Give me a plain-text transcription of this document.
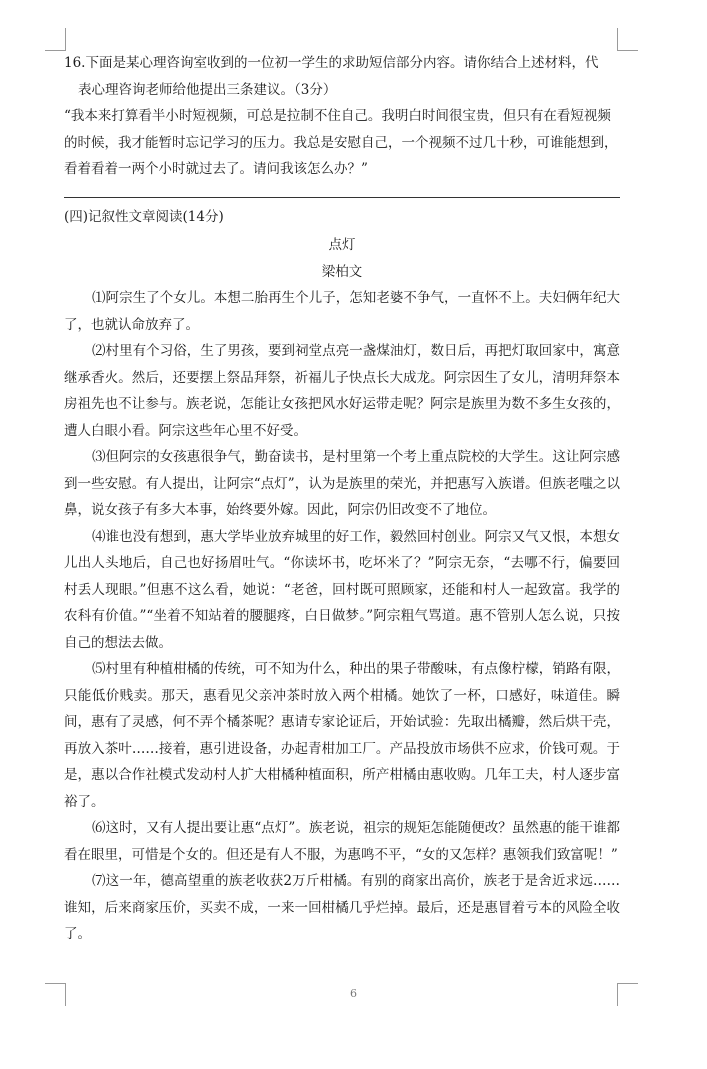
16.下面是某心理咨询室收到的一位初一学生的求助短信部分内容。请你结合上述材料，代
表心理咨询老师给他提出三条建议。（3分）

“我本来打算看半小时短视频，可总是拉制不住自己。我明白时间很宝贵，但只有在看短视频的时候，我才能暂时忘记学习的压力。我总是安慰自己，一个视频不过几十秒，可谁能想到，看着看着一两个小时就过去了。请问我该怎么办？”

(四)记叙性文章阅读(14分)

点灯

梁柏文

⑴阿宗生了个女儿。本想二胎再生个儿子，怎知老婆不争气，一直怀不上。夫妇俩年纪大了，也就认命放弃了。

⑵村里有个习俗，生了男孩，要到祠堂点亮一盏煤油灯，数日后，再把灯取回家中，寓意继承香火。然后，还要摆上祭品拜祭，祈福儿子快点长大成龙。阿宗因生了女儿，清明拜祭本房祖先也不让参与。族老说，怎能让女孩把风水好运带走呢？阿宗是族里为数不多生女孩的，遭人白眼小看。阿宗这些年心里不好受。

⑶但阿宗的女孩惠很争气，勤奋读书，是村里第一个考上重点院校的大学生。这让阿宗感到一些安慰。有人提出，让阿宗“点灯”，认为是族里的荣光，并把惠写入族谱。但族老嗤之以鼻，说女孩子有多大本事，始终要外嫁。因此，阿宗仍旧改变不了地位。

⑷谁也没有想到，惠大学毕业放弃城里的好工作，毅然回村创业。阿宗又气又恨，本想女儿出人头地后，自己也好扬眉吐气。“你读坏书，吃坏米了？”阿宗无奈，“去哪不行，偏要回村丢人现眼。”但惠不这么看，她说：“老爸，回村既可照顾家，还能和村人一起致富。我学的农科有价值。”“坐着不知站着的腰腿疼，白日做梦。”阿宗粗气骂道。惠不管别人怎么说，只按自己的想法去做。

⑸村里有种植柑橘的传统，可不知为什么，种出的果子带酸味，有点像柠檬，销路有限，只能低价贱卖。那天，惠看见父亲冲茶时放入两个柑橘。她饮了一杯，口感好，味道佳。瞬间，惠有了灵感，何不弄个橘茶呢？惠请专家论证后，开始试验：先取出橘瓣，然后烘干壳，再放入茶叶……接着，惠引进设备，办起青柑加工厂。产品投放市场供不应求，价钱可观。于是，惠以合作社模式发动村人扩大柑橘种植面积，所产柑橘由惠收购。几年工夫，村人逐步富裕了。

⑹这时，又有人提出要让惠“点灯”。族老说，祖宗的规矩怎能随便改？虽然惠的能干谁都看在眼里，可惜是个女的。但还是有人不服，为惠鸣不平，“女的又怎样？惠领我们致富呢！”

⑺这一年，德高望重的族老收获2万斤柑橘。有别的商家出高价，族老于是舍近求远……谁知，后来商家压价，买卖不成，一来一回柑橘几乎烂掉。最后，还是惠冒着亏本的风险全收了。

6
